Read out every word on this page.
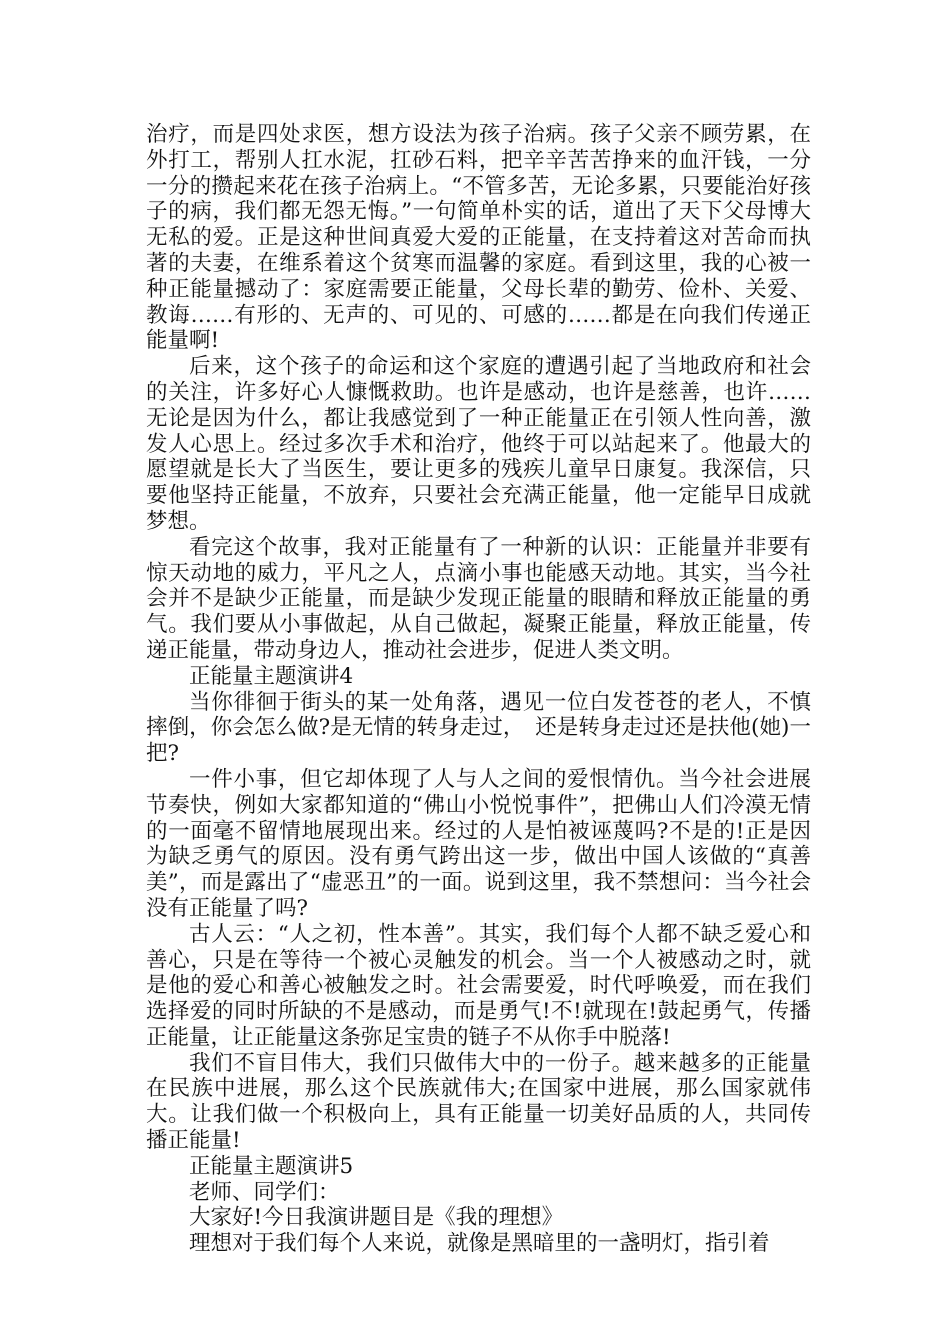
治疗，而是四处求医，想方设法为孩子治病。孩子父亲不顾劳累，在外打工，帮别人扛水泥，扛砂石料，把辛辛苦苦挣来的血汗钱，一分一分的攒起来花在孩子治病上。“不管多苦，无论多累，只要能治好孩子的病，我们都无怨无悔。”一句简单朴实的话，道出了天下父母博大无私的爱。正是这种世间真爱大爱的正能量，在支持着这对苦命而执著的夫妻，在维系着这个贫寒而温馨的家庭。看到这里，我的心被一种正能量撼动了：家庭需要正能量，父母长辈的勤劳、俭朴、关爱、教诲……有形的、无声的、可见的、可感的……都是在向我们传递正能量啊!

后来，这个孩子的命运和这个家庭的遭遇引起了当地政府和社会的关注，许多好心人慷慨救助。也许是感动，也许是慈善，也许……无论是因为什么，都让我感觉到了一种正能量正在引领人性向善，激发人心思上。经过多次手术和治疗，他终于可以站起来了。他最大的愿望就是长大了当医生，要让更多的残疾儿童早日康复。我深信，只要他坚持正能量，不放弃，只要社会充满正能量，他一定能早日成就梦想。

看完这个故事，我对正能量有了一种新的认识：正能量并非要有惊天动地的威力，平凡之人，点滴小事也能感天动地。其实，当今社会并不是缺少正能量，而是缺少发现正能量的眼睛和释放正能量的勇气。我们要从小事做起，从自己做起，凝聚正能量，释放正能量，传递正能量，带动身边人，推动社会进步，促进人类文明。

正能量主题演讲4

当你徘徊于街头的某一处角落，遇见一位白发苍苍的老人，不慎摔倒，你会怎么做?是无情的转身走过，　还是转身走过还是扶他(她)一把?

一件小事，但它却体现了人与人之间的爱恨情仇。当今社会进展节奏快，例如大家都知道的“佛山小悦悦事件”，把佛山人们冷漠无情的一面毫不留情地展现出来。经过的人是怕被诬蔑吗?不是的!正是因为缺乏勇气的原因。没有勇气跨出这一步，做出中国人该做的“真善美”，而是露出了“虚恶丑”的一面。说到这里，我不禁想问：当今社会没有正能量了吗?

古人云：“人之初，性本善”。其实，我们每个人都不缺乏爱心和善心，只是在等待一个被心灵触发的机会。当一个人被感动之时，就是他的爱心和善心被触发之时。社会需要爱，时代呼唤爱，而在我们选择爱的同时所缺的不是感动，而是勇气!不!就现在!鼓起勇气，传播正能量，让正能量这条弥足宝贵的链子不从你手中脱落!

我们不盲目伟大，我们只做伟大中的一份子。越来越多的正能量在民族中进展，那么这个民族就伟大;在国家中进展，那么国家就伟大。让我们做一个积极向上，具有正能量一切美好品质的人，共同传播正能量!

正能量主题演讲5

老师、同学们：

大家好!今日我演讲题目是《我的理想》

理想对于我们每个人来说，就像是黑暗里的一盏明灯，指引着
